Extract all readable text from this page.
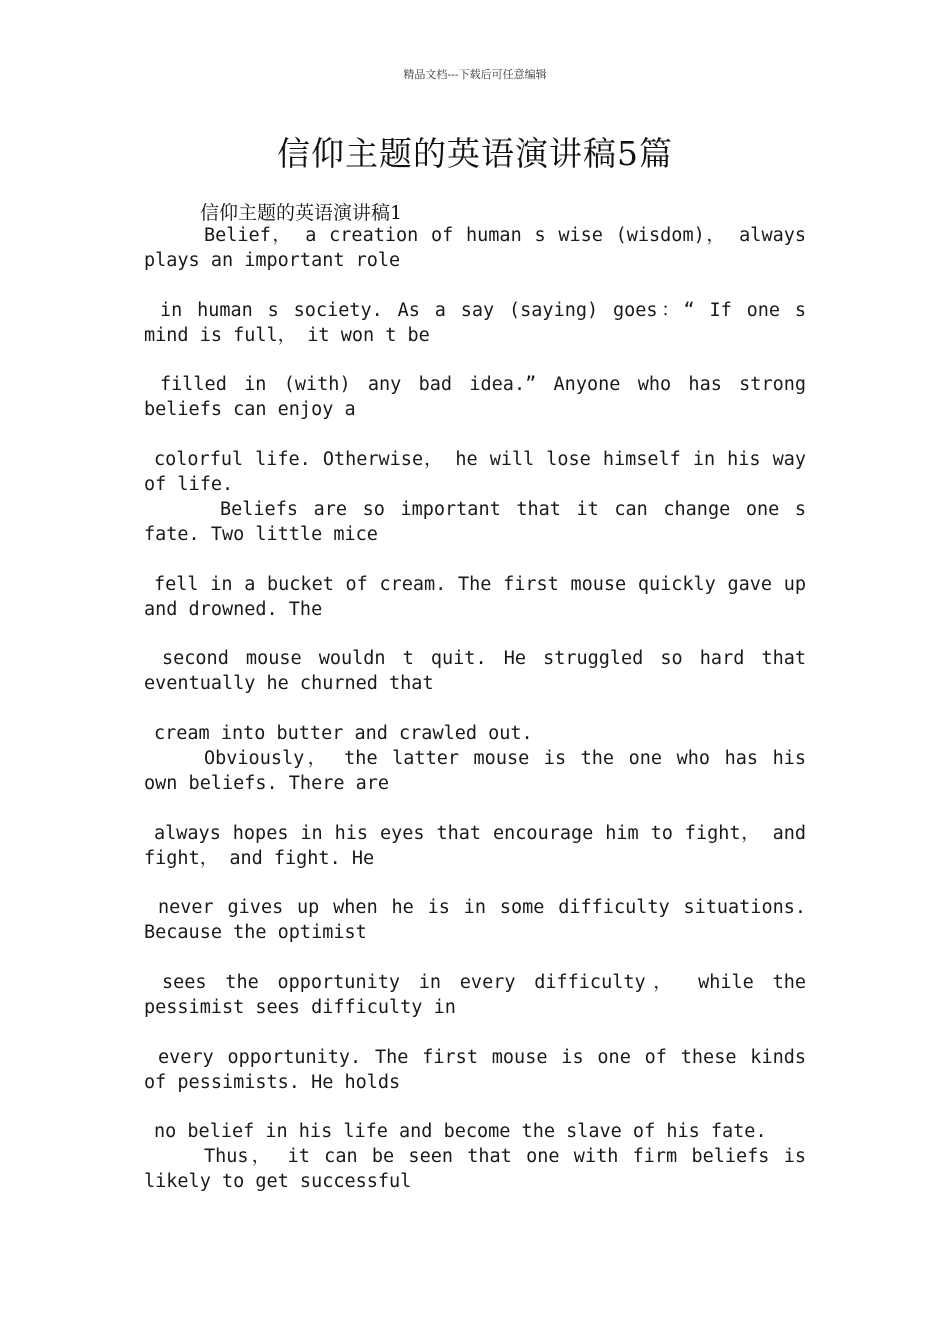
精品文档---下载后可任意编辑
信仰主题的英语演讲稿5篇
信仰主题的英语演讲稿1

Belief， a creation of human s wise (wisdom)， always plays an important role

in human s society. As a say (saying) goes：“ If one s mind is full， it won t be

filled in (with) any bad idea.” Anyone who has strong beliefs can enjoy a

colorful life. Otherwise， he will lose himself in his way of life.

Beliefs are so important that it can change one s fate. Two little mice

fell in a bucket of cream. The first mouse quickly gave up and drowned. The

second mouse wouldn t quit. He struggled so hard that eventually he churned that

cream into butter and crawled out.

Obviously， the latter mouse is the one who has his own beliefs. There are

always hopes in his eyes that encourage him to fight， and fight， and fight. He

never gives up when he is in some difficulty situations. Because the optimist

sees the opportunity in every difficulty， while the pessimist sees difficulty in

every opportunity. The first mouse is one of these kinds of pessimists. He holds

no belief in his life and become the slave of his fate.

Thus， it can be seen that one with firm beliefs is likely to get successful
